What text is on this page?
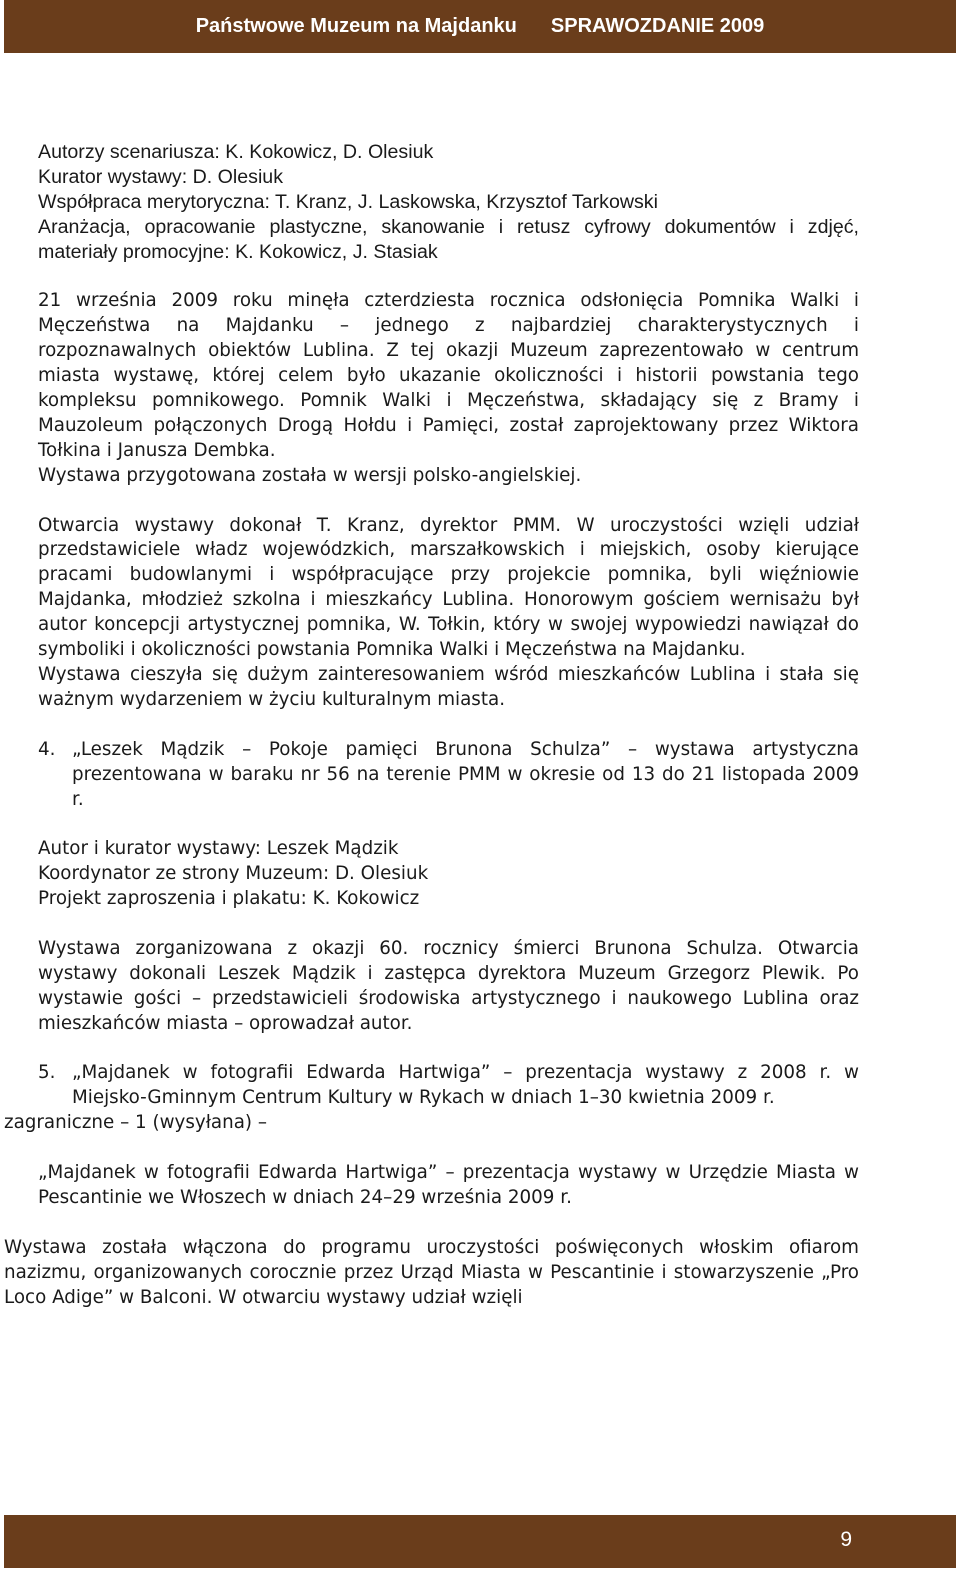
Państwowe Muzeum na Majdanku SPRAWOZDANIE 2009

Autorzy scenariusza: K. Kokowicz, D. Olesiuk

Kurator wystawy: D. Olesiuk

Współpraca merytoryczna: T. Kranz, J. Laskowska, Krzysztof Tarkowski

Aranżacja, opracowanie plastyczne, skanowanie i retusz cyfrowy dokumentów i zdjęć, materiały promocyjne: K. Kokowicz, J. Stasiak

21 września 2009 roku minęła czterdziesta rocznica odsłonięcia Pomnika Walki i Męczeństwa na Majdanku – jednego z najbardziej charakterystycznych i rozpoznawalnych obiektów Lublina. Z tej okazji Muzeum zaprezentowało w centrum miasta wystawę, której celem było ukazanie okoliczności i historii powstania tego kompleksu pomnikowego. Pomnik Walki i Męczeństwa, składający się z Bramy i Mauzoleum połączonych Drogą Hołdu i Pamięci, został zaprojektowany przez Wiktora Tołkina i Janusza Dembka.

Wystawa przygotowana została w wersji polsko-angielskiej.

Otwarcia wystawy dokonał T. Kranz, dyrektor PMM. W uroczystości wzięli udział przedstawiciele władz wojewódzkich, marszałkowskich i miejskich, osoby kierujące pracami budowlanymi i współpracujące przy projekcie pomnika, byli więźniowie Majdanka, młodzież szkolna i mieszkańcy Lublina. Honorowym gościem wernisażu był autor koncepcji artystycznej pomnika, W. Tołkin, który w swojej wypowiedzi nawiązał do symboliki i okoliczności powstania Pomnika Walki i Męczeństwa na Majdanku.

Wystawa cieszyła się dużym zainteresowaniem wśród mieszkańców Lublina i stała się ważnym wydarzeniem w życiu kulturalnym miasta.

4. „Leszek Mądzik – Pokoje pamięci Brunona Schulza” – wystawa artystyczna prezentowana w baraku nr 56 na terenie PMM w okresie od 13 do 21 listopada 2009 r.

Autor i kurator wystawy: Leszek Mądzik

Koordynator ze strony Muzeum: D. Olesiuk

Projekt zaproszenia i plakatu: K. Kokowicz

Wystawa zorganizowana z okazji 60. rocznicy śmierci Brunona Schulza. Otwarcia wystawy dokonali Leszek Mądzik i zastępca dyrektora Muzeum Grzegorz Plewik. Po wystawie gości – przedstawicieli środowiska artystycznego i naukowego Lublina oraz mieszkańców miasta – oprowadzał autor.

5. „Majdanek w fotografii Edwarda Hartwiga” – prezentacja wystawy z 2008 r. w Miejsko-Gminnym Centrum Kultury w Rykach w dniach 1–30 kwietnia 2009 r.

zagraniczne – 1 (wysyłana) –

„Majdanek w fotografii Edwarda Hartwiga” – prezentacja wystawy w Urzędzie Miasta w Pescantinie we Włoszech w dniach 24–29 września 2009 r.

Wystawa została włączona do programu uroczystości poświęconych włoskim ofiarom nazizmu, organizowanych corocznie przez Urząd Miasta w Pescantinie i stowarzyszenie „Pro Loco Adige” w Balconi. W otwarciu wystawy udział wzięli

9
